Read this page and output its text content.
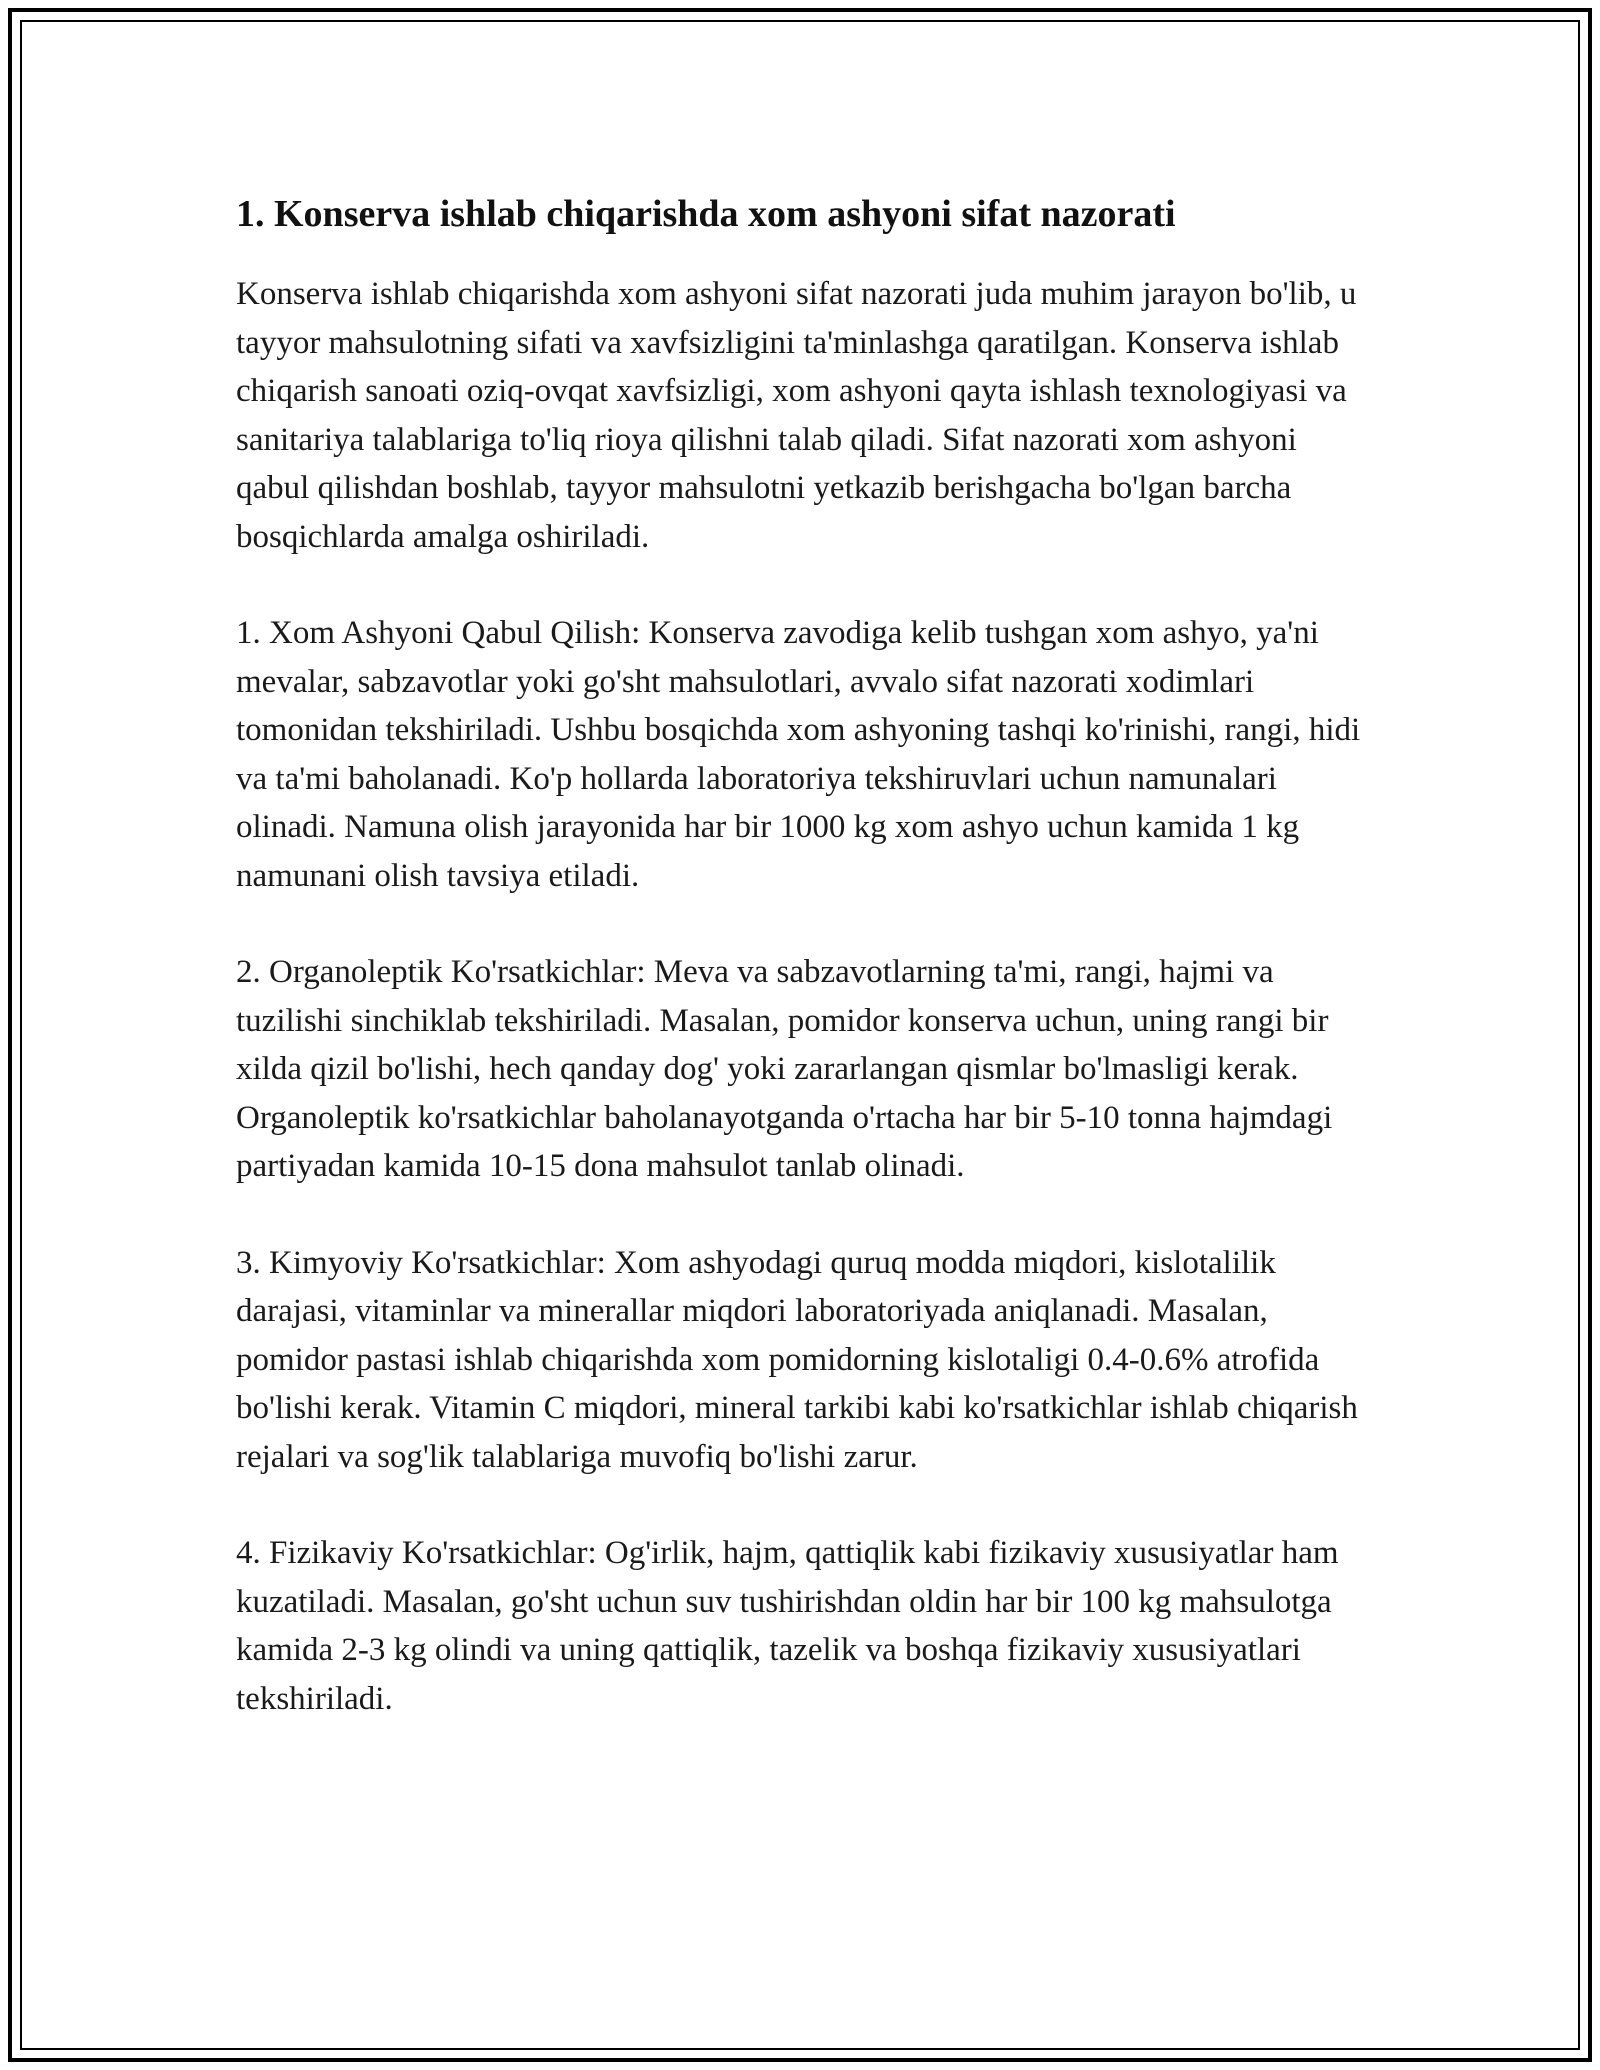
1. Konserva ishlab chiqarishda xom ashyoni sifat nazorati

Konserva ishlab chiqarishda xom ashyoni sifat nazorati juda muhim jarayon bo'lib, u tayyor mahsulotning sifati va xavfsizligini ta'minlashga qaratilgan. Konserva ishlab chiqarish sanoati oziq-ovqat xavfsizligi, xom ashyoni qayta ishlash texnologiyasi va sanitariya talablariga to'liq rioya qilishni talab qiladi. Sifat nazorati xom ashyoni qabul qilishdan boshlab, tayyor mahsulotni yetkazib berishgacha bo'lgan barcha bosqichlarda amalga oshiriladi.

1. Xom Ashyoni Qabul Qilish: Konserva zavodiga kelib tushgan xom ashyo, ya'ni mevalar, sabzavotlar yoki go'sht mahsulotlari, avvalo sifat nazorati xodimlari tomonidan tekshiriladi. Ushbu bosqichda xom ashyoning tashqi ko'rinishi, rangi, hidi va ta'mi baholanadi. Ko'p hollarda laboratoriya tekshiruvlari uchun namunalari olinadi. Namuna olish jarayonida har bir 1000 kg xom ashyo uchun kamida 1 kg namunani olish tavsiya etiladi.

2. Organoleptik Ko'rsatkichlar: Meva va sabzavotlarning ta'mi, rangi, hajmi va tuzilishi sinchiklab tekshiriladi. Masalan, pomidor konserva uchun, uning rangi bir xilda qizil bo'lishi, hech qanday dog' yoki zararlangan qismlar bo'lmasligi kerak. Organoleptik ko'rsatkichlar baholanayotganda o'rtacha har bir 5-10 tonna hajmdagi partiyadan kamida 10-15 dona mahsulot tanlab olinadi.

3. Kimyoviy Ko'rsatkichlar: Xom ashyodagi quruq modda miqdori, kislotalilik darajasi, vitaminlar va minerallar miqdori laboratoriyada aniqlanadi. Masalan, pomidor pastasi ishlab chiqarishda xom pomidorning kislotaligi 0.4-0.6% atrofida bo'lishi kerak. Vitamin C miqdori, mineral tarkibi kabi ko'rsatkichlar ishlab chiqarish rejalari va sog'lik talablariga muvofiq bo'lishi zarur.

4. Fizikaviy Ko'rsatkichlar: Og'irlik, hajm, qattiqlik kabi fizikaviy xususiyatlar ham kuzatiladi. Masalan, go'sht uchun suv tushirishdan oldin har bir 100 kg mahsulotga kamida 2-3 kg olindi va uning qattiqlik, tazelik va boshqa fizikaviy xususiyatlari tekshiriladi.
